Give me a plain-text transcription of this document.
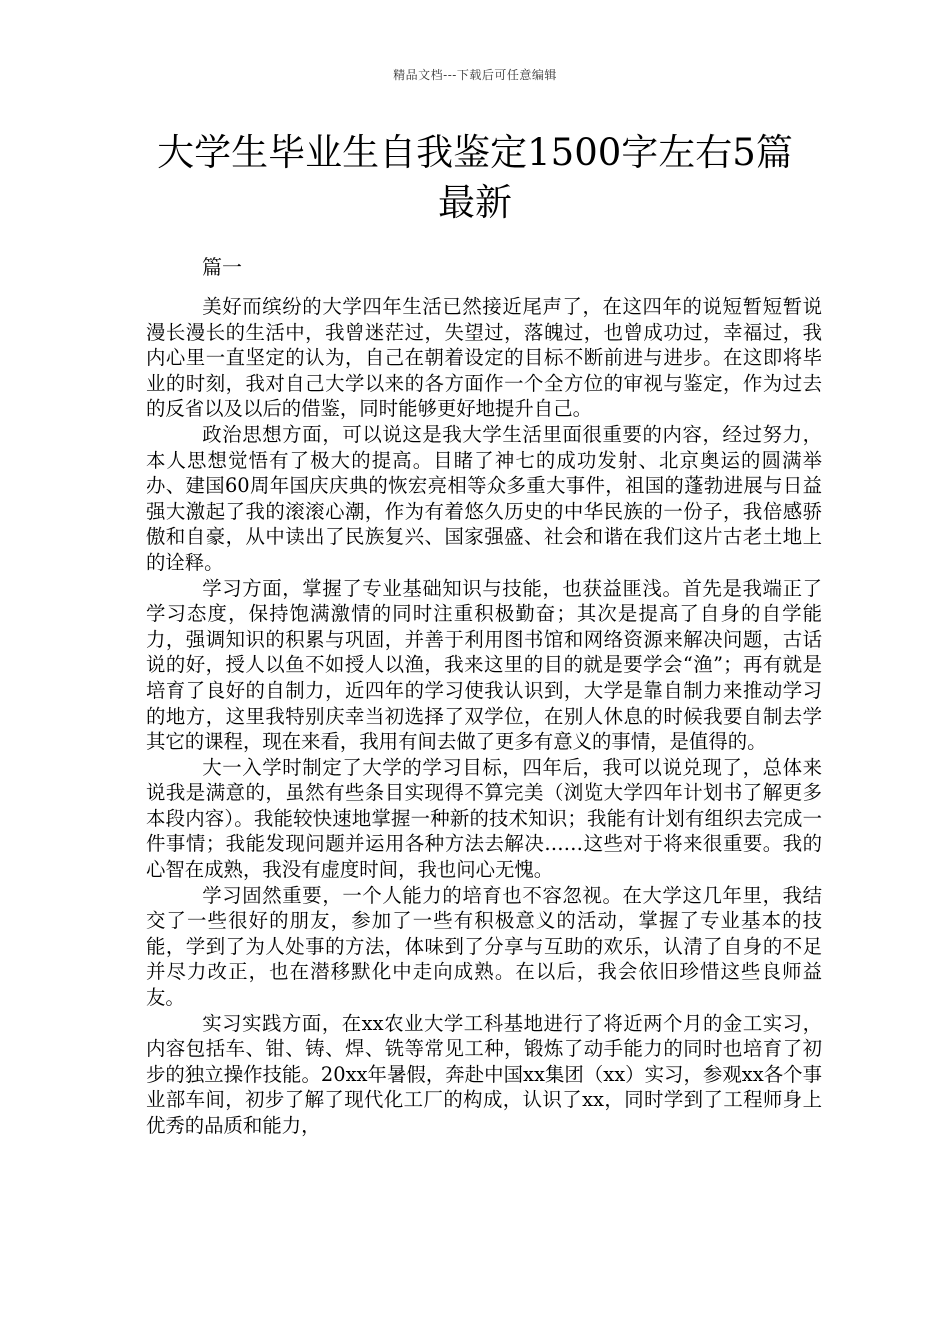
精品文档---下载后可任意编辑
大学生毕业生自我鉴定1500字左右5篇最新
篇一

美好而缤纷的大学四年生活已然接近尾声了，在这四年的说短暂短暂说漫长漫长的生活中，我曾迷茫过，失望过，落魄过，也曾成功过，幸福过，我内心里一直坚定的认为，自己在朝着设定的目标不断前进与进步。在这即将毕业的时刻，我对自己大学以来的各方面作一个全方位的审视与鉴定，作为过去的反省以及以后的借鉴，同时能够更好地提升自己。

政治思想方面，可以说这是我大学生活里面很重要的内容，经过努力，本人思想觉悟有了极大的提高。目睹了神七的成功发射、北京奥运的圆满举办、建国60周年国庆庆典的恢宏亮相等众多重大事件，祖国的蓬勃进展与日益强大激起了我的滚滚心潮，作为有着悠久历史的中华民族的一份子，我倍感骄傲和自豪，从中读出了民族复兴、国家强盛、社会和谐在我们这片古老土地上的诠释。

学习方面，掌握了专业基础知识与技能，也获益匪浅。首先是我端正了学习态度，保持饱满激情的同时注重积极勤奋；其次是提高了自身的自学能力，强调知识的积累与巩固，并善于利用图书馆和网络资源来解决问题，古话说的好，授人以鱼不如授人以渔，我来这里的目的就是要学会“渔”；再有就是培育了良好的自制力，近四年的学习使我认识到，大学是靠自制力来推动学习的地方，这里我特别庆幸当初选择了双学位，在别人休息的时候我要自制去学其它的课程，现在来看，我用有间去做了更多有意义的事情，是值得的。

大一入学时制定了大学的学习目标，四年后，我可以说兑现了，总体来说我是满意的，虽然有些条目实现得不算完美（浏览大学四年计划书了解更多本段内容）。我能较快速地掌握一种新的技术知识；我能有计划有组织去完成一件事情；我能发现问题并运用各种方法去解决……这些对于将来很重要。我的心智在成熟，我没有虚度时间，我也问心无愧。

学习固然重要，一个人能力的培育也不容忽视。在大学这几年里，我结交了一些很好的朋友，参加了一些有积极意义的活动，掌握了专业基本的技能，学到了为人处事的方法，体味到了分享与互助的欢乐，认清了自身的不足并尽力改正，也在潜移默化中走向成熟。在以后，我会依旧珍惜这些良师益友。

实习实践方面，在xx农业大学工科基地进行了将近两个月的金工实习，内容包括车、钳、铸、焊、铣等常见工种，锻炼了动手能力的同时也培育了初步的独立操作技能。20xx年暑假，奔赴中国xx集团（xx）实习，参观xx各个事业部车间，初步了解了现代化工厂的构成，认识了xx，同时学到了工程师身上优秀的品质和能力，
